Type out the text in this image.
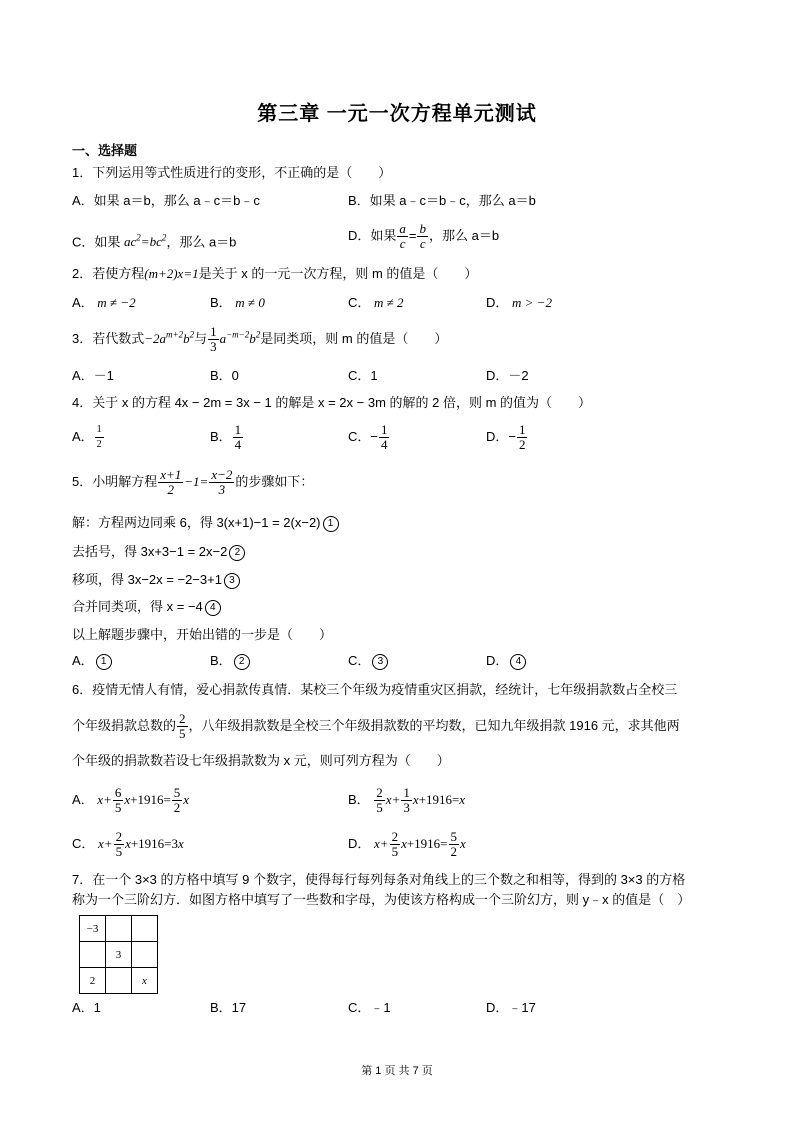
第三章 一元一次方程单元测试
一、选择题
1．下列运用等式性质进行的变形，不正确的是（　　）
A．如果 a＝b，那么 a﹣c＝b﹣c	B．如果 a﹣c＝b﹣c，那么 a＝b
C．如果 $ac^2=bc^2$，那么 a＝b	D．如果 $\frac{a}{c} = \frac{b}{c}$ ，那么 a＝b
2．若使方程(m+2)x=1是关于 x 的一元一次方程，则 m 的值是（　　）
A． m ≠ −2	B． m ≠ 0	C． m ≠ 2	D． m > −2
3．若代数式$-2a^{m+2}b^2$与 $\frac{1}{3} a^{-m-2}b^2$是同类项，则 m 的值是（　　）
A．－1	B．0	C．1	D．－2
4．关于 x 的方程 4x − 2m = 3x − 1 的解是 x = 2x − 3m 的解的 2 倍，则 m 的值为（　　）
A． $\frac{1}{2}$	B． $\frac{1}{4}$	C．− $\frac{1}{4}$	D．− $\frac{1}{2}$
5．小明解方程 $\frac{x+1}{2} -1= \frac{x-2}{3}$ 的步骤如下：
解：方程两边同乘 6，得 3(x+1)−1 = 2(x−2) 1
去括号，得 3x+3−1 = 2x−2 2
移项，得 3x−2x = −2−3+1 3
合并同类项，得 x = −4 4
以上解题步骤中，开始出错的一步是（　　）
A． 1	B． 2	C． 3	D． 4
6．疫情无情人有情，爱心捐款传真情．某校三个年级为疫情重灾区捐款，经统计，七年级捐款数占全校三
个年级捐款总数的 $\frac{2}{5}$ ，八年级捐款数是全校三个年级捐款数的平均数，已知九年级捐款 1916 元，求其他两
个年级的捐款数若设七年级捐款数为 x 元，则可列方程为（　　）
A． $x+ \frac{6}{5} x+1916= \frac{5}{2}$ x	B． $\frac{2}{5} x+ \frac{1}{3} x+1916=x$
C． $x+ \frac{2}{5} x+1916=3x$	D． $x+ \frac{2}{5} x+1916= \frac{5}{2}$ x
7．在一个 3×3 的方格中填写 9 个数字，使得每行每列每条对角线上的三个数之和相等，得到的 3×3 的方格
称为一个三阶幻方．如图方格中填写了一些数和字母，为使该方格构成一个三阶幻方，则 y﹣x 的值是（　）
−3		
	3	
2		x
A．1	B．17	C．﹣1	D．﹣17
第 1 页 共 7 页
